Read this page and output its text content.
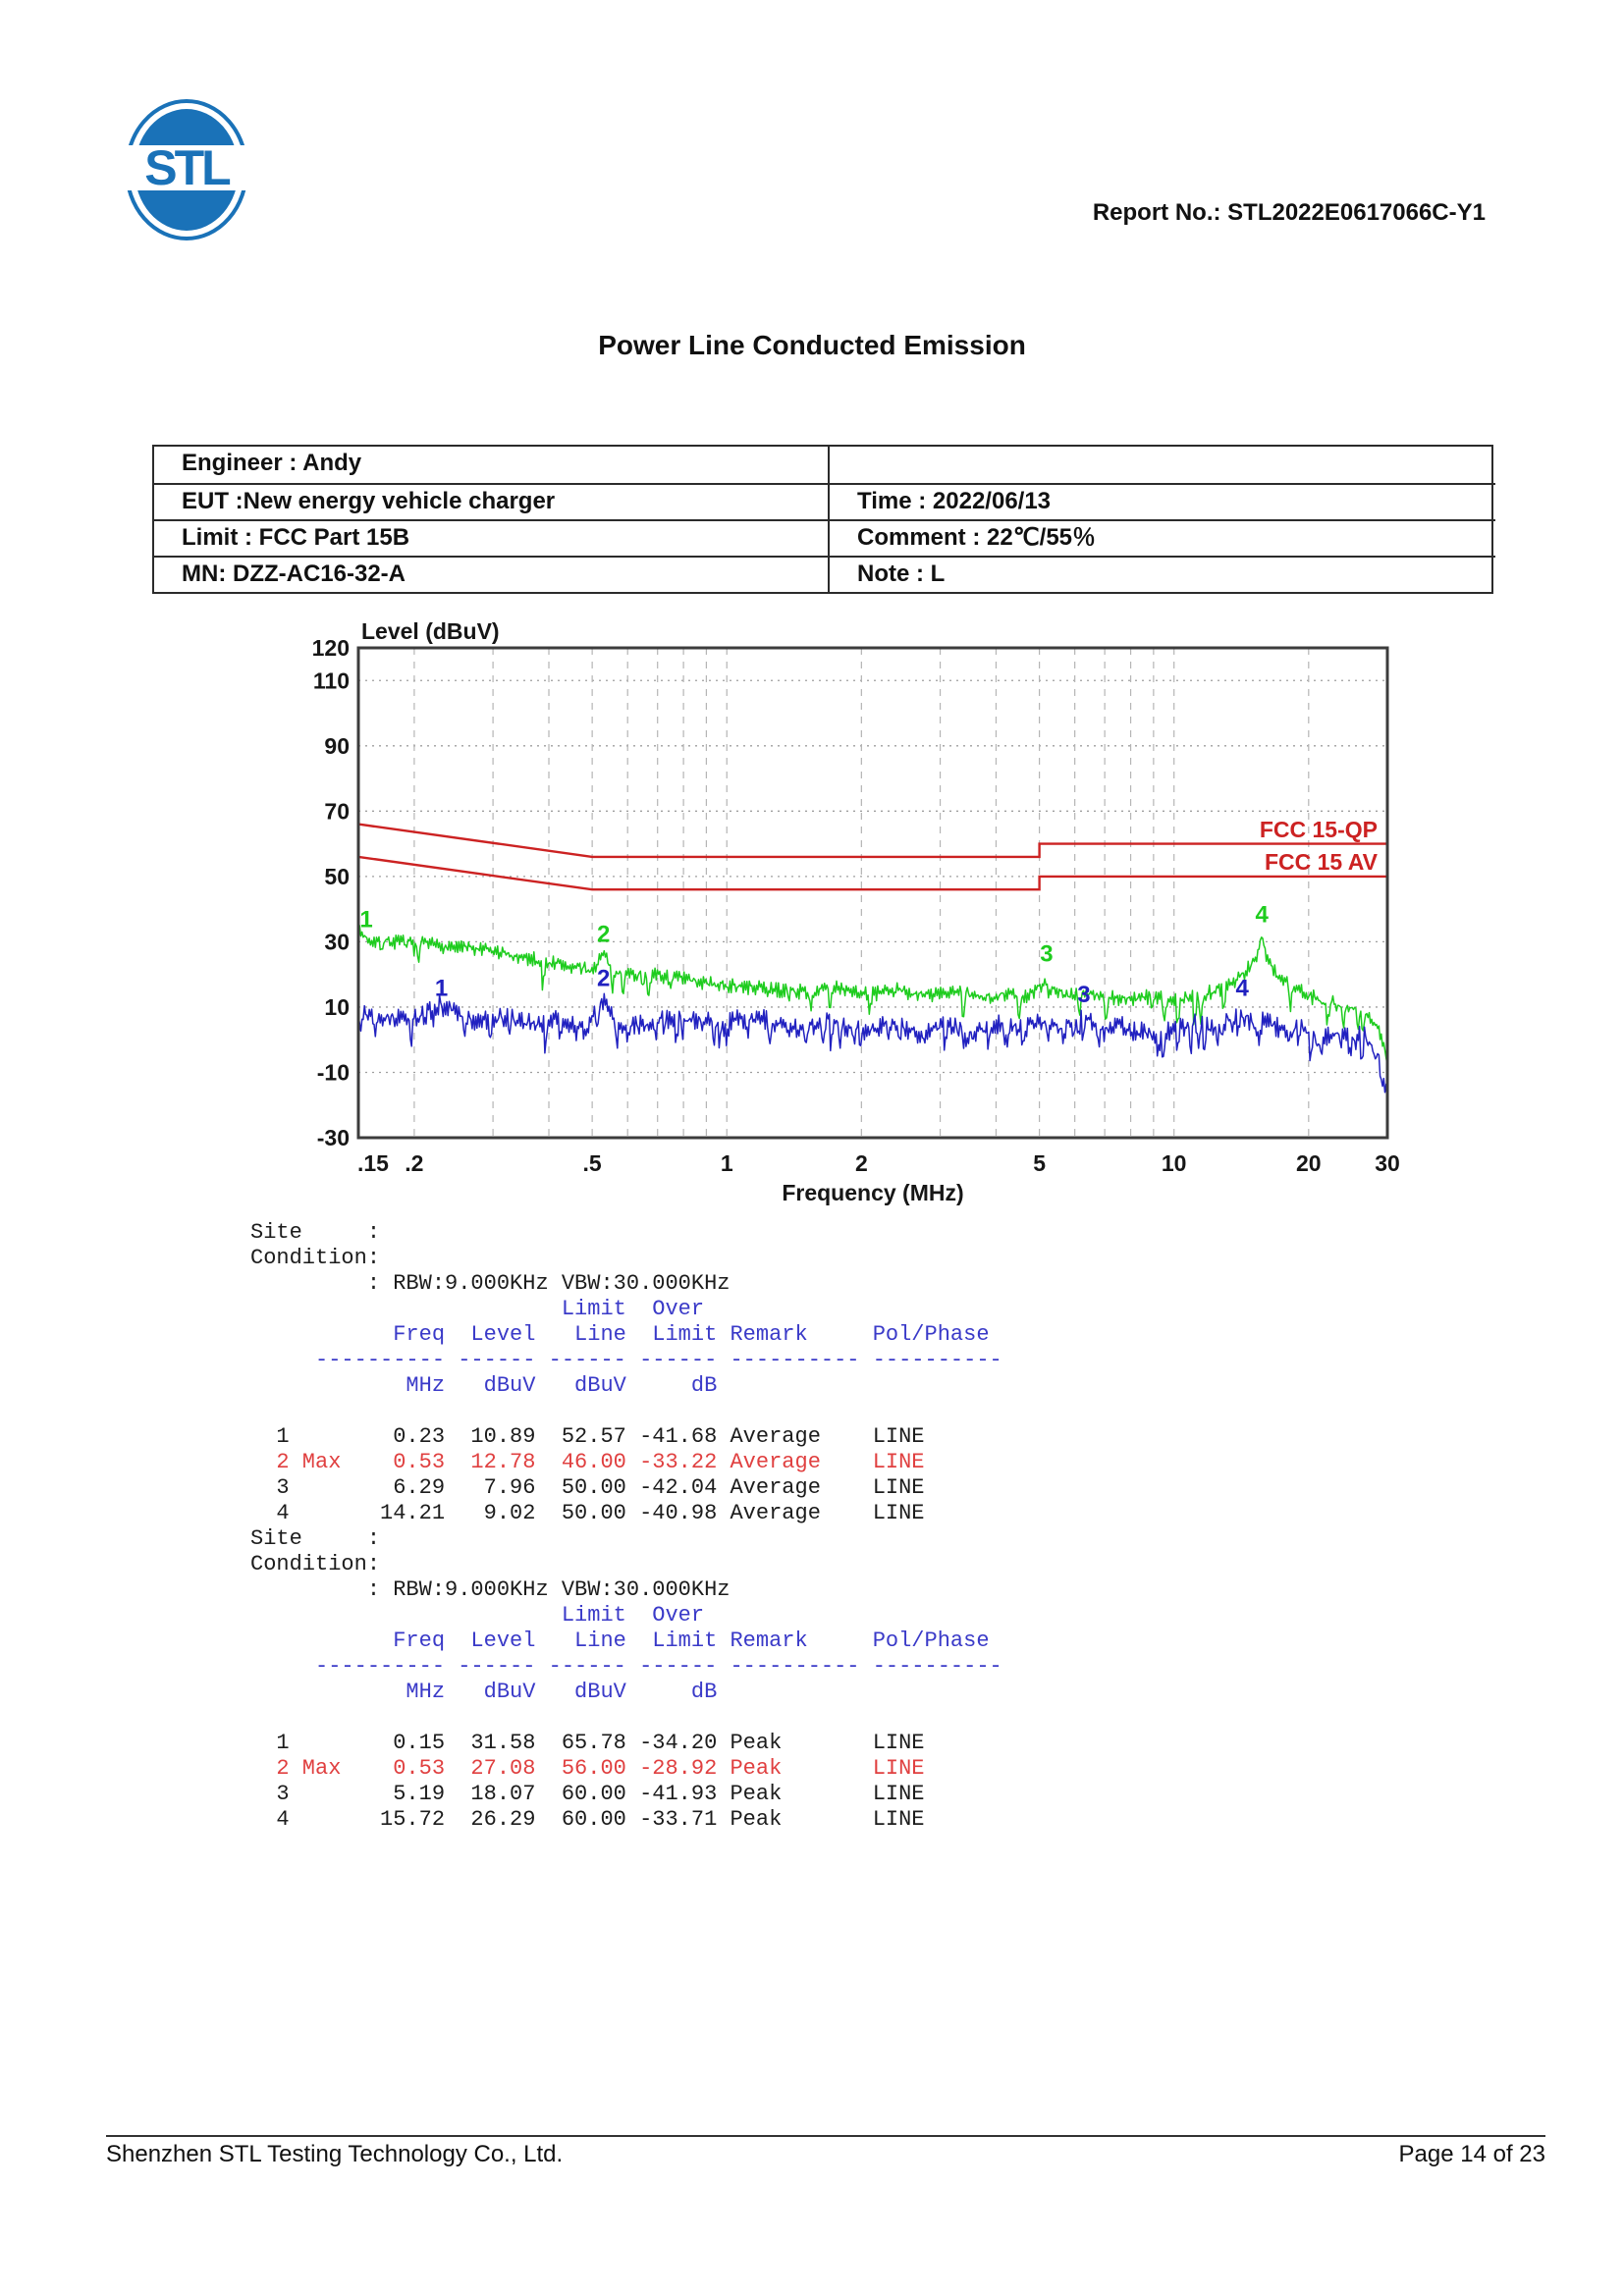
STL
Report No.: STL2022E0617066C-Y1
Power Line Conducted Emission
Engineer : Andy
EUT :New energy vehicle charger	Time : 2022/06/13
Limit : FCC Part 15B	Comment : 22℃/55％
MN: DZZ-AC16-32-A	Note : L
1
2
3
4
1	2
3	4
FCC 15-QP
FCC 15 AV
120
110
90
70
50
30
10
-10
-30
.15 .2	.5	1	2	5	10	20 30
Frequency (MHz)
Level (dBuV)
Site     :
Condition:
: RBW:9.000KHz VBW:30.000KHz
Limit  Over
Freq  Level   Line  Limit Remark     Pol/Phase
---------- ------ ------ ------ ---------- ----------
MHz   dBuV   dBuV     dB

1        0.23  10.89  52.57 -41.68 Average    LINE
2 Max    0.53  12.78  46.00 -33.22 Average    LINE
3        6.29   7.96  50.00 -42.04 Average    LINE
4       14.21   9.02  50.00 -40.98 Average    LINE
Site     :
Condition:
: RBW:9.000KHz VBW:30.000KHz
Limit  Over
Freq  Level   Line  Limit Remark     Pol/Phase
---------- ------ ------ ------ ---------- ----------
MHz   dBuV   dBuV     dB

1        0.15  31.58  65.78 -34.20 Peak       LINE
2 Max    0.53  27.08  56.00 -28.92 Peak       LINE
3        5.19  18.07  60.00 -41.93 Peak       LINE
4       15.72  26.29  60.00 -33.71 Peak       LINE
Shenzhen STL Testing Technology Co., Ltd.	Page 14 of 23
